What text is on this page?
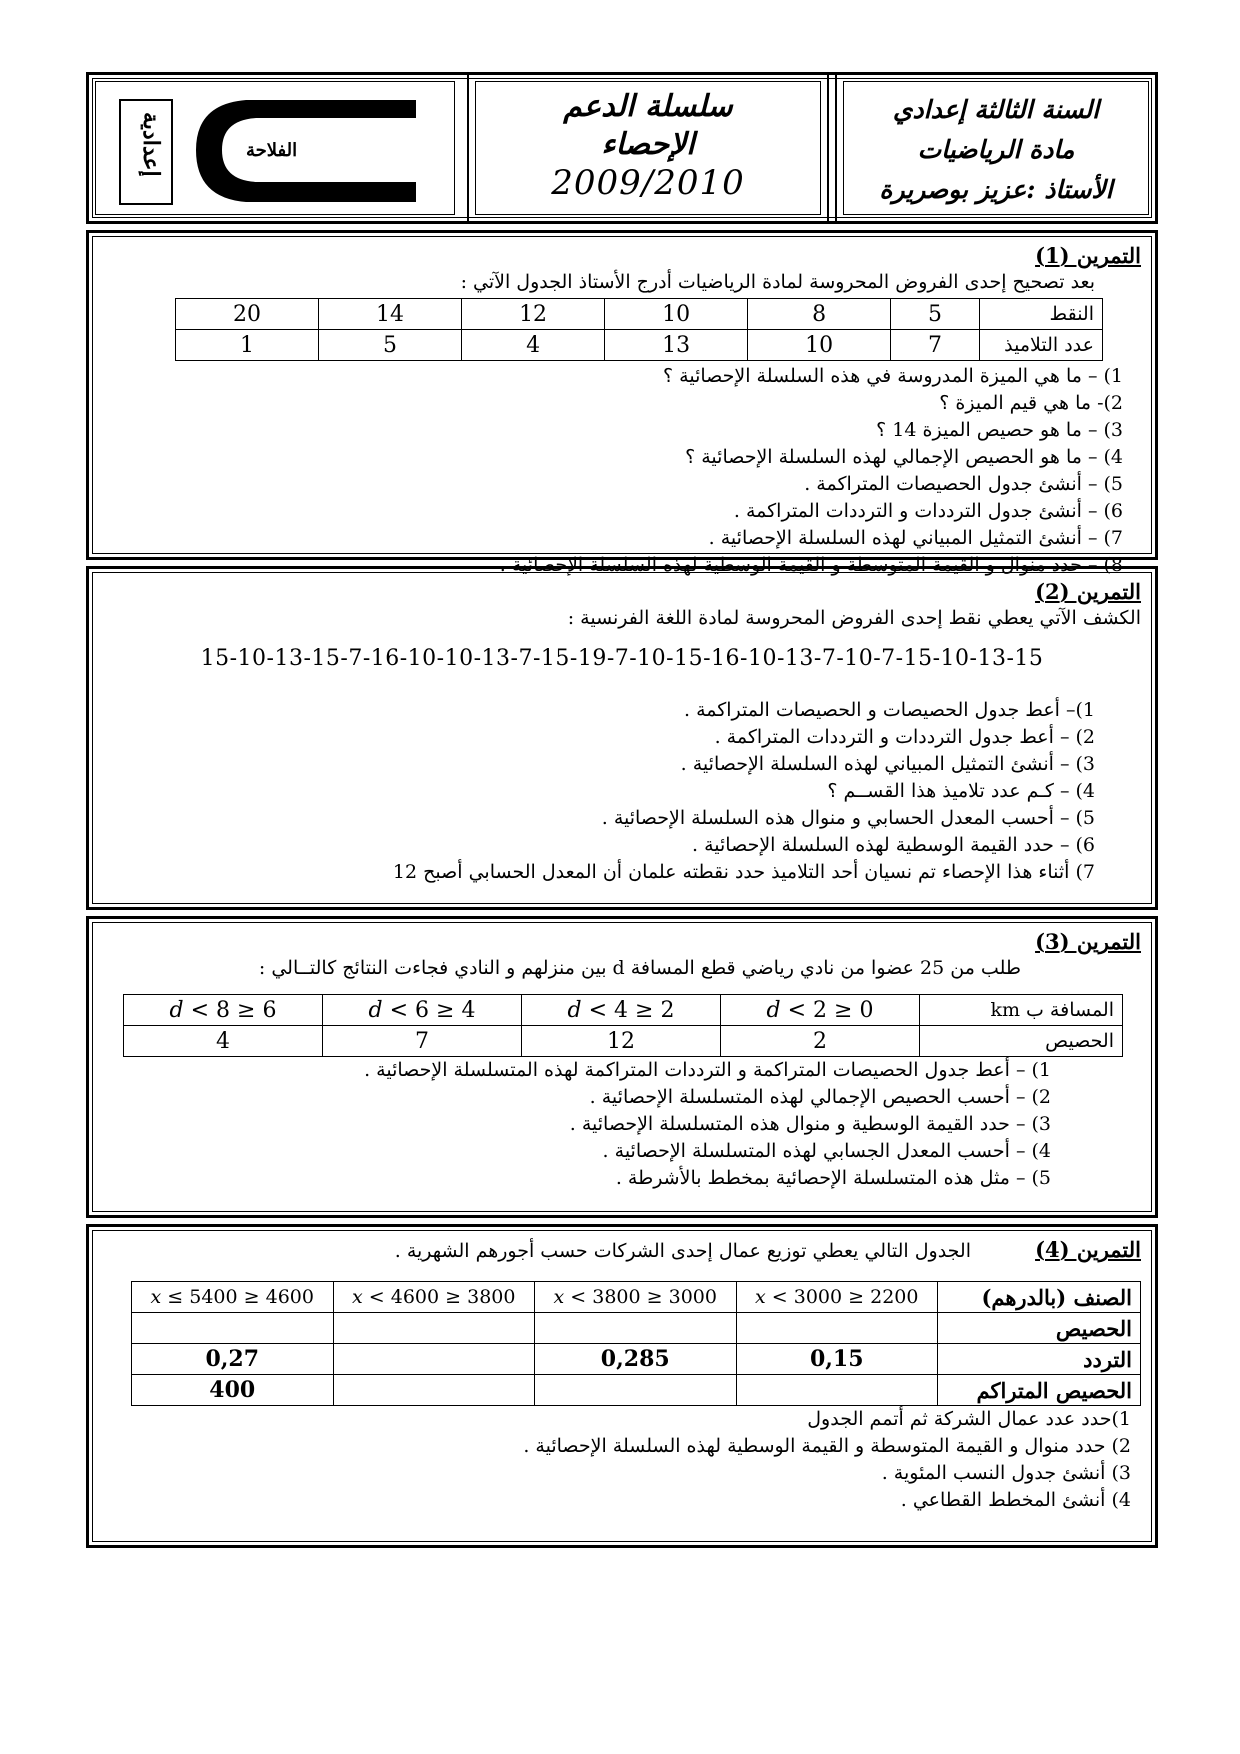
الفلاحة
إعدادية
سلسلة الدعم
الإحصاء
2009/2010
السنة الثالثة إعدادي
مادة الرياضيات
الأستاذ :عزيز بوصريرة
التمرين (1)
بعد تصحيح إحدى الفروض المحروسة لمادة الرياضيات أدرج الأستاذ الجدول الآتي :
النقط	5	8	10	12	14	20
عدد التلاميذ	7	10	13	4	5	1
1) – ما هي الميزة المدروسة في هذه السلسلة الإحصائية ؟
2)- ما هي قيم الميزة ؟
3) – ما هو حصيص الميزة 14 ؟
4) – ما هو الحصيص الإجمالي لهذه السلسلة الإحصائية ؟
5) – أنشئ جدول الحصيصات المتراكمة .
6) – أنشئ جدول الترددات و الترددات المتراكمة .
7) – أنشئ التمثيل المبياني لهذه السلسلة الإحصائية .
8) – حدد منوال و القيمة المتوسطة و القيمة الوسطية لهذه السلسلة الإحصائية .
التمرين (2)
الكشف الآتي يعطي نقط إحدى الفروض المحروسة لمادة اللغة الفرنسية :
15-10-13-15-7-16-10-10-13-7-15-19-7-10-15-16-10-13-7-10-7-15-10-13-15
1)– أعط جدول الحصيصات و الحصيصات المتراكمة .
2) – أعط جدول الترددات و الترددات المتراكمة .
3) – أنشئ التمثيل المبياني لهذه السلسلة الإحصائية .
4) – كـم عدد تلاميذ هذا القســم ؟
5) – أحسب المعدل الحسابي و منوال هذه السلسلة الإحصائية .
6) – حدد القيمة الوسطية لهذه السلسلة الإحصائية .
7) أثناء هذا الإحصاء تم نسيان أحد التلاميذ حدد نقطته علمان أن المعدل الحسابي أصبح 12
التمرين (3)
طلب من 25 عضوا من نادي رياضي قطع المسافة d بين منزلهم و النادي فجاءت النتائج كالتــالي :
المسافة ب km	0 ≤ d < 2	2 ≤ d < 4	4 ≤ d < 6	6 ≤ d < 8
الحصيص	2	12	7	4
1) – أعط جدول الحصيصات المتراكمة و الترددات المتراكمة لهذه المتسلسلة الإحصائية .
2) – أحسب الحصيص الإجمالي لهذه المتسلسلة الإحصائية .
3) – حدد القيمة الوسطية و منوال هذه المتسلسلة الإحصائية .
4) – أحسب المعدل الجسابي لهذه المتسلسلة الإحصائية .
5) – مثل هذه المتسلسلة الإحصائية بمخطط بالأشرطة .
التمرين (4)
الجدول التالي يعطي توزيع عمال إحدى الشركات حسب أجورهم الشهرية .
الصنف (بالدرهم)	2200 ≤ x < 3000	3000 ≤ x < 3800	3800 ≤ x < 4600	4600 ≤ x ≤ 5400
الحصيص				
التردد	0,15	0,285		0,27
الحصيص المتراكم				400
1)حدد عدد عمال الشركة ثم أتمم الجدول
2) حدد منوال و القيمة المتوسطة و القيمة الوسطية لهذه السلسلة الإحصائية .
3) أنشئ جدول النسب المئوية .
4) أنشئ المخطط القطاعي .
